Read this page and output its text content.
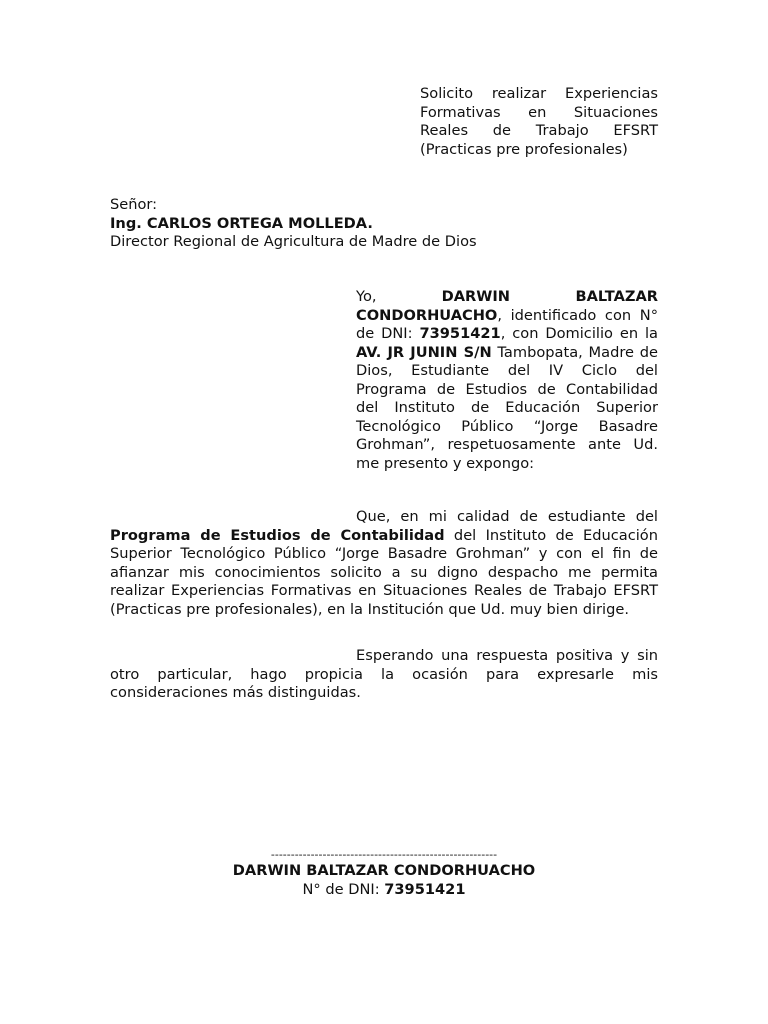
Solicito realizar Experiencias

Formativas en Situaciones

Reales de Trabajo EFSRT

(Practicas pre profesionales)

Señor:

Ing. CARLOS ORTEGA MOLLEDA.

Director Regional de Agricultura de Madre de Dios

Yo,	DARWIN BALTAZAR CONDORHUACHO, identificado con N° de DNI: 73951421, con Domicilio en la AV. JR JUNIN S/N Tambopata, Madre de Dios, Estudiante del IV Ciclo del Programa de Estudios de Contabilidad del Instituto de Educación Superior Tecnológico Público “Jorge Basadre Grohman”, respetuosamente ante Ud. me presento y expongo:
Que, en mi calidad de estudiante del Programa de Estudios de Contabilidad del Instituto de Educación Superior Tecnológico Público “Jorge Basadre Grohman” y con el fin de afianzar mis conocimientos solicito a su digno despacho me permita realizar Experiencias Formativas en Situaciones Reales de Trabajo EFSRT (Practicas pre profesionales), en la Institución que Ud. muy bien dirige.
Esperando una respuesta positiva y sin otro particular, hago propicia la ocasión para expresarle mis consideraciones más distinguidas.

---------------------------------------------------------

DARWIN BALTAZAR CONDORHUACHO

N° de DNI: 73951421
